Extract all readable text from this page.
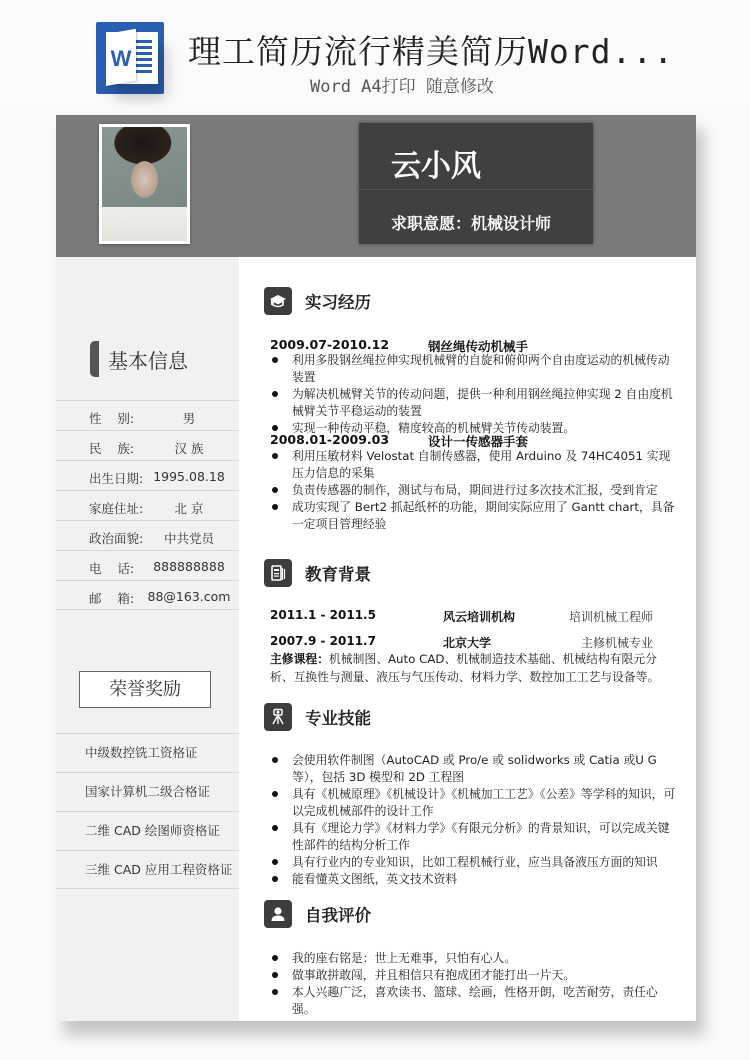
W 理工简历流行精美简历Word...
Word A4打印 随意修改
云小风
求职意愿：机械设计师
基本信息
性    别:	男
民    族:	汉 族
出生日期: 1995.08.18
家庭住址:	北 京
政治面貌:	中共党员
电    话:	888888888
邮    箱: 88@163.com
荣誉奖励
中级数控铣工资格证
国家计算机二级合格证
二维 CAD 绘图师资格证
三维 CAD 应用工程资格证
实习经历
2009.07-2010.12	钢丝绳传动机械手
利用多股钢丝绳拉伸实现机械臂的自旋和俯仰两个自由度运动的机械传动装置
为解决机械臂关节的传动问题，提供一种利用钢丝绳拉伸实现 2 自由度机械臂关节平稳运动的装置
实现一种传动平稳，精度较高的机械臂关节传动装置。
2008.01-2009.03	设计一传感器手套
利用压敏材料 Velostat 自制传感器，使用 Arduino 及 74HC4051 实现压力信息的采集
负责传感器的制作，测试与布局，期间进行过多次技术汇报，受到肯定
成功实现了 Bert2 抓起纸杯的功能，期间实际应用了 Gantt chart，具备一定项目管理经验
教育背景
2011.1 - 2011.5	风云培训机构	培训机械工程师
2007.9 - 2011.7	北京大学	主修机械专业
主修课程：机械制图、Auto CAD、机械制造技术基础、机械结构有限元分析、互换性与测量、液压与气压传动、材料力学、数控加工工艺与设备等。
专业技能
会使用软件制图（AutoCAD 或 Pro/e 或 solidworks 或 Catia 或U G等），包括 3D 模型和 2D 工程图
具有《机械原理》《机械设计》《机械加工工艺》《公差》等学科的知识，可以完成机械部件的设计工作
具有《理论力学》《材料力学》《有限元分析》的背景知识，可以完成关键性部件的结构分析工作
具有行业内的专业知识，比如工程机械行业，应当具备液压方面的知识
能看懂英文图纸，英文技术资料
自我评价
我的座右铭是：世上无难事，只怕有心人。
做事敢拼敢闯，并且相信只有抱成团才能打出一片天。
本人兴趣广泛，喜欢读书、篮球、绘画，性格开朗，吃苦耐劳，责任心强。
